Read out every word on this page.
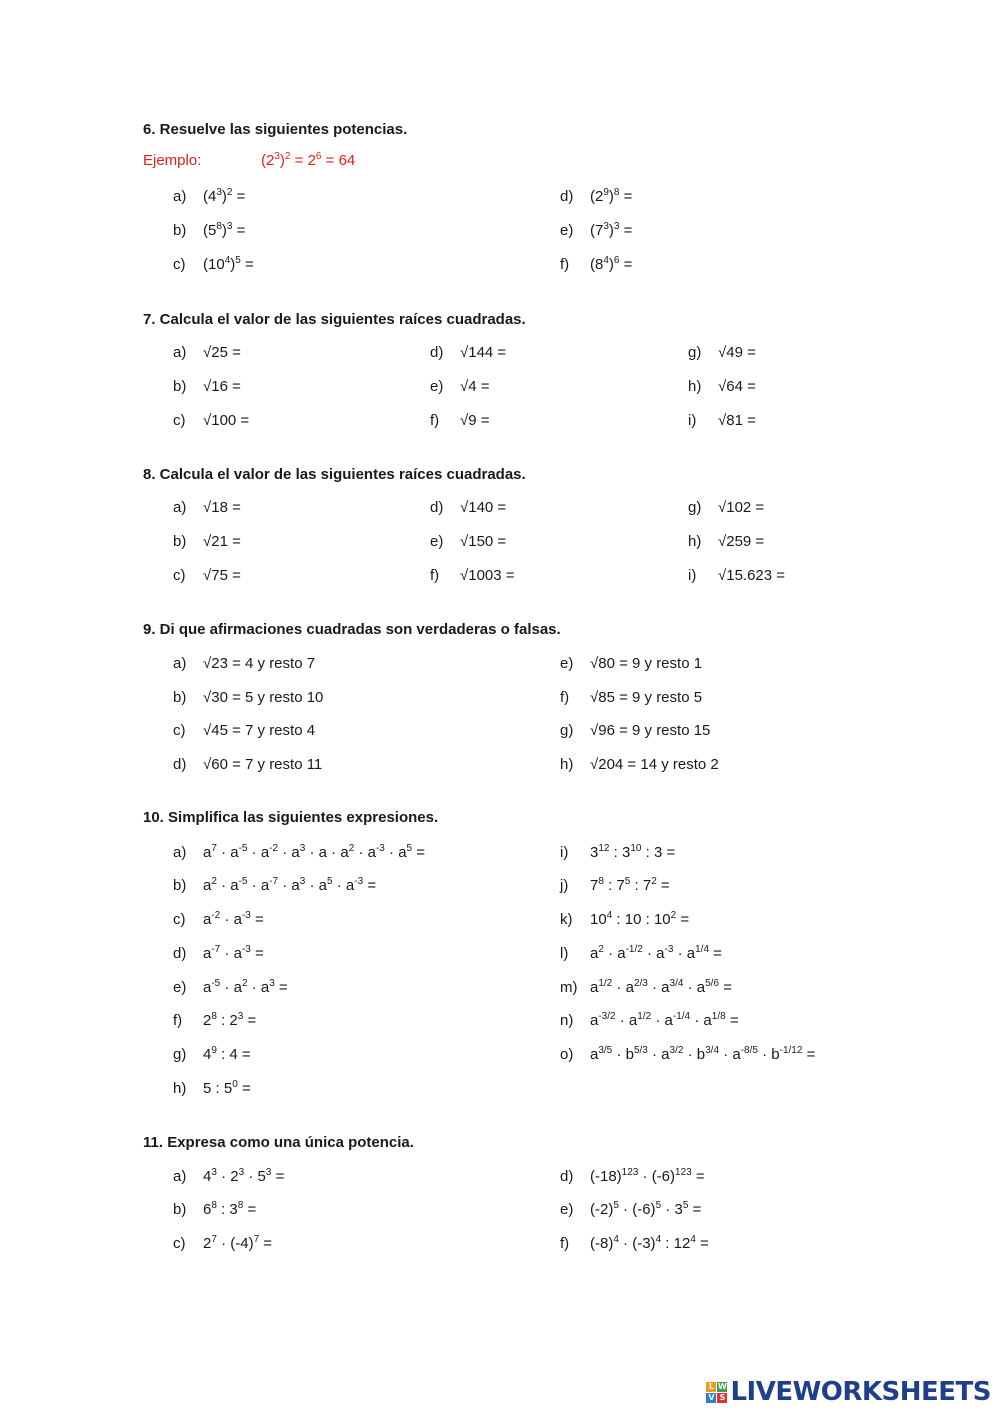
6. Resuelve las siguientes potencias.
Ejemplo:	$(2^3)^2 = 2^6 = 64$
a) $(4^3)^2$ =
b) $(5^8)^3$ =
c) $(10^4)^5$ =
d) $(2^9)^8$ =
e) $(7^3)^3$ =
f) $(8^4)^6$ =
7. Calcula el valor de las siguientes raíces cuadradas.
a) √25 =
b) √16 =
c) √100 =
d) √144 =
e) √4 =
f) √9 =
g) √49 =
h) √64 =
i) √81 =
8. Calcula el valor de las siguientes raíces cuadradas.
a) √18 =
b) √21 =
c) √75 =
d) √140 =
e) √150 =
f) √1003 =
g) √102 =
h) √259 =
i) √15.623 =
9. Di que afirmaciones cuadradas son verdaderas o falsas.
a) √23 = 4 y resto 7
b) √30 = 5 y resto 10
c) √45 = 7 y resto 4
d) √60 = 7 y resto 11
e) √80 = 9 y resto 1
f) √85 = 9 y resto 5
g) √96 = 9 y resto 15
h) √204 = 14 y resto 2
10. Simplifica las siguientes expresiones.
a) $a^7 \cdot a^{-5} \cdot a^{-2} \cdot a^3 \cdot a \cdot a^2 \cdot a^{-3} \cdot a^5$ =
b) $a^2 \cdot a^{-5} \cdot a^{-7} \cdot a^3 \cdot a^5 \cdot a^{-3}$ =
c) $a^{-2} \cdot a^{-3}$ =
d) $a^{-7} \cdot a^{-3}$ =
e) $a^{-5} \cdot a^2 \cdot a^3$ =
f) $2^8$ : $2^3$ =
g) $4^9$ : 4 =
h) 5 : $5^0$ =
i) $3^{12}$ : $3^{10}$ : 3 =
j) $7^8$ : $7^5$ : $7^2$ =
k) $10^4$ : 10 : $10^2$ =
l) $a^2 \cdot a^{-1/2} \cdot a^{-3} \cdot a^{1/4}$ =
m) $a^{1/2} \cdot a^{2/3} \cdot a^{3/4} \cdot a^{5/6}$ =
n) $a^{-3/2} \cdot a^{1/2} \cdot a^{-1/4} \cdot a^{1/8}$ =
o) $a^{3/5} \cdot b^{5/3} \cdot a^{3/2} \cdot b^{3/4} \cdot a^{-8/5} \cdot b^{-1/12}$ =
11. Expresa como una única potencia.
a) $4^3 \cdot 2^3 \cdot 5^3$ =
b) $6^8$ : $3^8$ =
c) $2^7 \cdot (-4)^7$ =
d) $(-18)^{123} \cdot (-6)^{123}$ =
e) $(-2)^5 \cdot (-6)^5 \cdot 3^5$ =
f) $(-8)^4 \cdot (-3)^4$ : $12^4$ =
L W
V S LIVEWORKSHEETS
